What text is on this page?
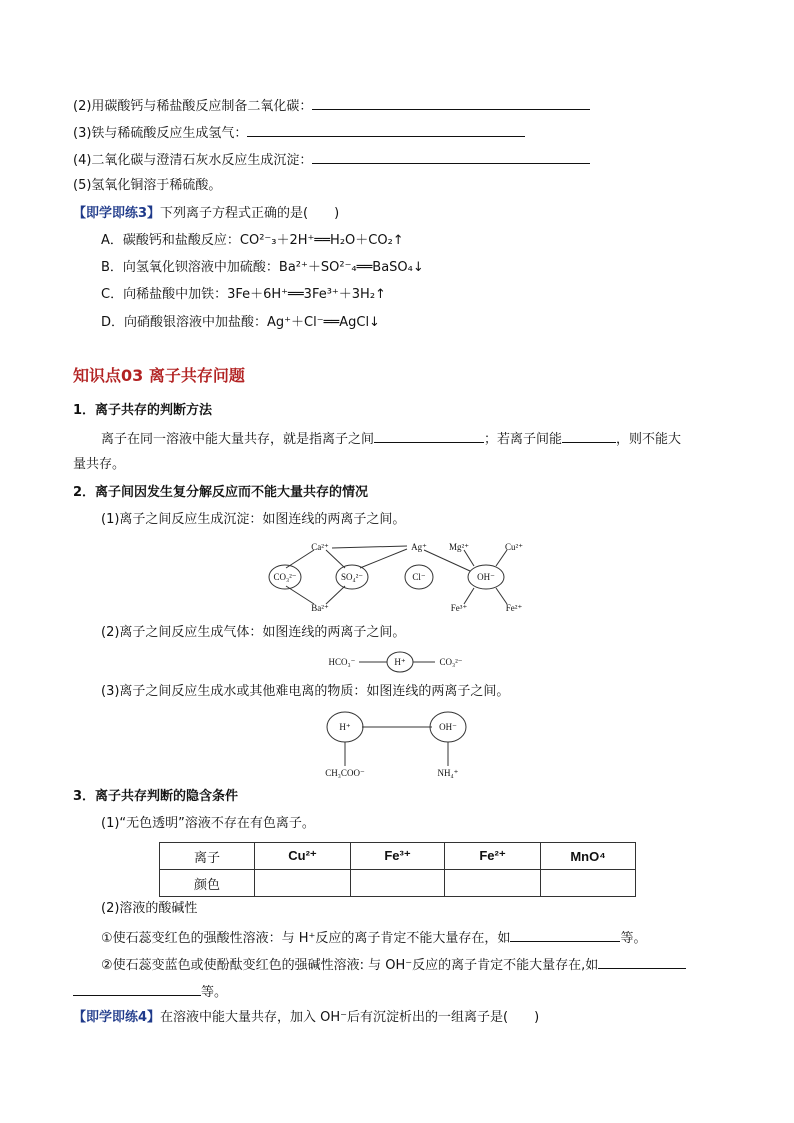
(2)用碳酸钙与稀盐酸反应制备二氧化碳：
(3)铁与稀硫酸反应生成氢气：
(4)二氧化碳与澄清石灰水反应生成沉淀：
(5)氢氧化铜溶于稀硫酸。
【即学即练3】下列离子方程式正确的是(　　)
A．碳酸钙和盐酸反应：CO²⁻₃＋2H⁺══H₂O＋CO₂↑
B．向氢氧化钡溶液中加硫酸：Ba²⁺＋SO²⁻₄══BaSO₄↓
C．向稀盐酸中加铁：3Fe＋6H⁺══3Fe³⁺＋3H₂↑
D．向硝酸银溶液中加盐酸：Ag⁺＋Cl⁻══AgCl↓
知识点03 离子共存问题
1．离子共存的判断方法
离子在同一溶液中能大量共存，就是指离子之间	；若离子间能	，则不能大
量共存。
2．离子间因发生复分解反应而不能大量共存的情况
(1)离子之间反应生成沉淀：如图连线的两离子之间。
Ca²⁺
CO₃²⁻	SO₄²⁻
Ba²⁺
Ag⁺
Cl⁻
Mg²⁺	Cu²⁺
OH⁻
Fe³⁺	Fe²⁺
(2)离子之间反应生成气体：如图连线的两离子之间。
HCO₃⁻	H⁺	CO₃²⁻
(3)离子之间反应生成水或其他难电离的物质：如图连线的两离子之间。
H⁺	OH⁻
CH₃COO⁻	NH₄⁺
3．离子共存判断的隐含条件
(1)“无色透明”溶液不存在有色离子。
离子	Cu²⁺	Fe³⁺	Fe²⁺	MnO⁴
颜色				
(2)溶液的酸碱性
①使石蕊变红色的强酸性溶液：与 H⁺反应的离子肯定不能大量存在，如	等。
②使石蕊变蓝色或使酚酞变红色的强碱性溶液: 与 OH⁻反应的离子肯定不能大量存在,如
等。
【即学即练4】在溶液中能大量共存，加入 OH⁻后有沉淀析出的一组离子是(　　)
